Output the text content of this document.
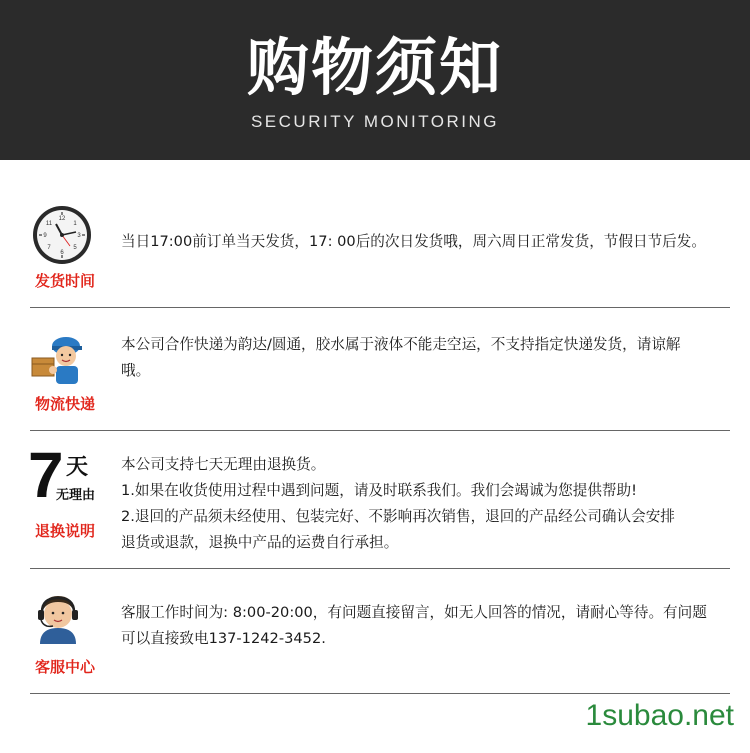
购物须知
SECURITY MONITORING
12
1
3
5
6
7
9
11
发货时间
当日17:00前订单当天发货，17: 00后的次日发货哦，周六周日正常发货，节假日节后发。
物流快递
本公司合作快递为韵达/圆通，胶水属于液体不能走空运，不支持指定快递发货，请谅解
哦。
7 天
无理由
退换说明
本公司支持七天无理由退换货。
1.如果在收货使用过程中遇到问题，请及时联系我们。我们会竭诚为您提供帮助!
2.退回的产品须未经使用、包装完好、不影响再次销售，退回的产品经公司确认会安排
退货或退款，退换中产品的运费自行承担。
客服中心
客服工作时间为: 8:00-20:00，有问题直接留言，如无人回答的情况，请耐心等待。有问题
可以直接致电137-1242-3452.
1subao.net
